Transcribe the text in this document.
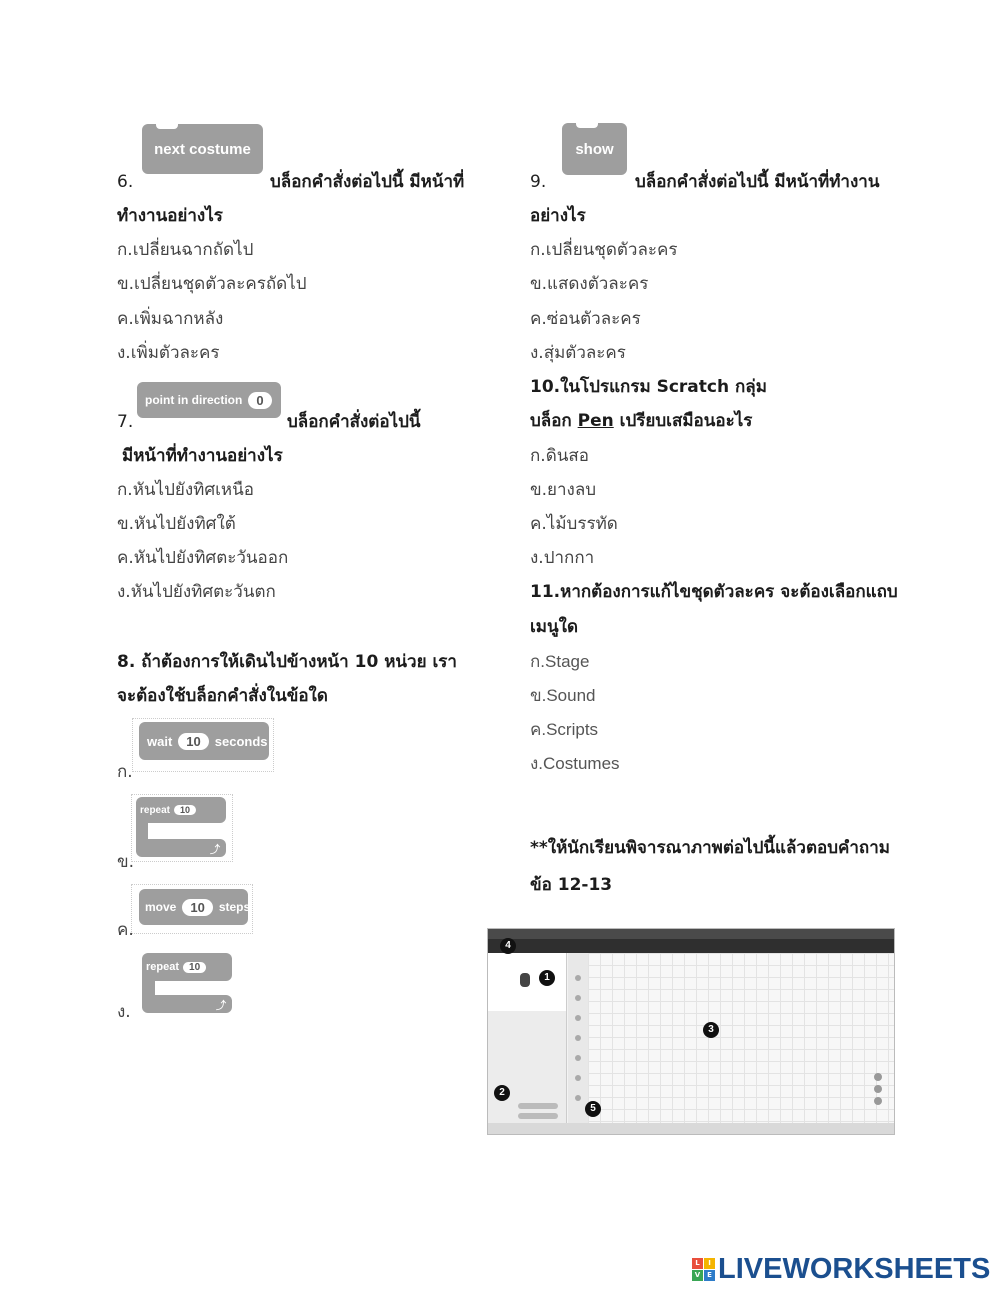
next costume
6.	บล็อกคำสั่งต่อไปนี้ มีหน้าที่
ทำงานอย่างไร
ก.เปลี่ยนฉากถัดไป
ข.เปลี่ยนชุดตัวละครถัดไป
ค.เพิ่มฉากหลัง
ง.เพิ่มตัวละคร
point in direction	0
7.	บล็อกคำสั่งต่อไปนี้
มีหน้าที่ทำงานอย่างไร
ก.หันไปยังทิศเหนือ
ข.หันไปยังทิศใต้
ค.หันไปยังทิศตะวันออก
ง.หันไปยังทิศตะวันตก
8. ถ้าต้องการให้เดินไปข้างหน้า 10 หน่วย เรา
จะต้องใช้บล็อกคำสั่งในข้อใด
wait	10	seconds
ก.
repeat	10
⤴
ข.
move	10	steps
ค.
repeat	10
⤴
ง.
show
9.	บล็อกคำสั่งต่อไปนี้ มีหน้าที่ทำงาน
อย่างไร
ก.เปลี่ยนชุดตัวละคร
ข.แสดงตัวละคร
ค.ซ่อนตัวละคร
ง.สุ่มตัวละคร
10.ในโปรแกรม Scratch กลุ่ม
บล็อก Pen เปรียบเสมือนอะไร
ก.ดินสอ
ข.ยางลบ
ค.ไม้บรรทัด
ง.ปากกา
11.หากต้องการแก้ไขชุดตัวละคร จะต้องเลือกแถบ
เมนูใด
ก.Stage
ข.Sound
ค.Scripts
ง.Costumes
**ให้นักเรียนพิจารณาภาพต่อไปนี้แล้วตอบคำถาม
ข้อ 12-13
1
2
3
4
5
L	I
V E LIVEWORKSHEETS
